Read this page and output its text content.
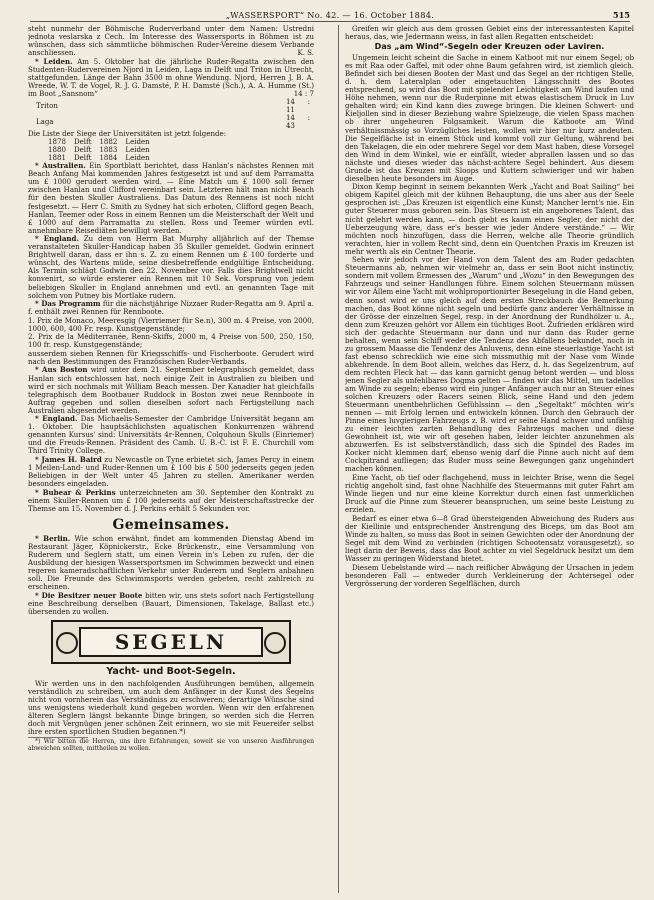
„WASSERSPORT“ No. 42. — 16. October 1884.	515

steht nunmehr der Böhmische Ruderverband unter dem Namen: Ustredni jednota veslarska z Cech. Im Interesse des Wassersports in Böhmen ist zu wünschen, dass sich sämmtliche böhmischen Ruder-Vereine diesem Verbande anschliessen.	K. S.

* Leiden. Am 5. Oktober hat die jährliche Ruder-Regatta zwischen den Studenten-Rudervereinen Njord in Leiden, Laga in Delft und Triton in Utrecht, stattgefunden. Länge der Bahn 3500 m ohne Wendung. Njord, Herren J. B. A. Wreede, W. T. de Vogel, R. J. G. Damsté, P. H. Damsté (Sch.), A. A. Humme (St.) im Boot „Sansnom“	14 : 7

Triton		14 : 11
Laga		14 : 43

Die Liste der Siege der Universitäten ist jetzt folgende:

1878	Delft	1882	Leiden
1880	Delft	1883	Leiden
1881	Delft	1884	Leiden

* Australien. Ein Sportblatt berichtet, dass Hanlan's nächstes Rennen mit Beach Anfang Mai kommenden Jahres festgesetzt ist und auf dem Parramatta um £ 1000 gerudert werden wird. — Eine Match um £ 1000 soll ferner zwischen Hanlan und Clifford vereinbart sein. Letzteren hält man nicht Beach für den besten Skuller Australiens. Das Datum des Rennens ist noch nicht festgesetzt. — Herr C. Smith zu Sydney hat sich erboten, Clifford gegen Beach, Hanlan, Teemer oder Ross in einem Rennen um die Meisterschaft der Welt und £ 1000 auf dem Parramatta zu stellen. Ross und Teemer würden evtl. annehmbare Reisediäten bewilligt werden.

* England. Zu dem von Herrn Bat Murphy alljährlich auf der Themse veranstalteten Skuller-Handicap haben 35 Skuller gemeldet. Godwin erinnert Brightwell daran, dass er ihn s. Z. zu einem Rennen um £ 100 forderte und wünscht, des Wartens müde, seine diesbetreffende endgültige Entscheidung. Als Termin schlägt Godwin den 22. November vor. Falls dies Brightwell nicht konvenirt, so würde ersterer ein Rennen mit 10 Sek. Vorsprung von jedem beliebigen Skuller in England annehmen und evtl. an genannten Tage mit solchem von Putney bis Mortlake rudern.

* Das Programm für die nächstjährige Nizzaer Ruder-Regatta am 9. April a. f. enthält zwei Rennen für Rennboote.

1. Prix de Monaco, Meeresgig (Vierriemer für Se.n), 300 m. 4 Preise, von 2000, 1000, 600, 400 Fr. resp. Kunstgegenstände;

2. Prix de la Méditerranée, Renn-Skiffs, 2000 m, 4 Preise von 500, 250, 150, 100 fr. resp. Kunstgegenstände;

ausserdem sieben Rennen für Kriegsschiffs- und Fischerboote. Gerudert wird nach den Bestimmungen des Französischen Ruder-Verbands.

* Aus Boston wird unter dem 21. September telegraphisch gemeldet, dass Hanlan sich entschlossen hat, noch einige Zeit in Australien zu bleiben und wird er sich nochmals mit William Beach messen. Der Kanadier hat gleichfalls telegraphisch dem Bootbauer Ruddock in Boston zwei neue Rennboote in Auftrag gegeben und sollen dieselben sofort nach Fertigstellung nach Australien abgesendet werden.

* England. Das Michaelis-Semester der Cambridge Universität begann am 1. Oktober. Die hauptsächlichsten aquatischen Konkurrenzen während genannten Kursus' sind: Universitäts 4r-Rennen, Colquhoun Skulls (Einriemer) und die Freuds-Rennen. Präsident des Camb. U. B.-C. ist F. E. Churchill vom Third Trinity College.

* James H. Baird zu Newcastle on Tyne erbietet sich, James Percy in einem 1 Meilen-Land- und Ruder-Rennen um £ 100 bis £ 500 jederseits gegen jeden Beliebigen in der Welt unter 45 Jahren zu stellen. Amerikaner werden besonders eingeladen.

* Bubear & Perkins unterzeichneten am 30. September den Kontrakt zu einem Skuller-Rennen um £ 100 jederseits auf der Meisterschaftsstrecke der Themse am 15. November d. J. Perkins erhält 5 Sekunden vor.

Gemeinsames.

* Berlin. Wie schon erwähnt, findet am kommenden Dienstag Abend im Restaurant Jäger, Köpnickerstr., Ecke Brückenstr., eine Versammlung von Ruderern und Seglern statt, um einen Verein in's Leben zu rufen, der die Ausbildung der hiesigen Wassersportsmen im Schwimmen bezweckt und einen regeren kameradschaftlichen Verkehr unter Ruderern und Seglern anbahnen soll. Die Freunde des Schwimmsports werden gebeten, recht zahlreich zu erscheinen.

* Die Besitzer neuer Boote bitten wir, uns stets sofort nach Fertigstellung eine Beschreibung derselben (Bauart, Dimensionen, Takelage, Ballast etc.) übersenden zu wollen.

SEGELN
Yacht- und Boot-Segeln.

Wir werden uns in den nachfolgenden Ausführungen bemühen, allgemein verständlich zu schreiben, um auch dem Anfänger in der Kunst des Segelns nicht von vornherein das Verständniss zu erschweren; derartige Wünsche sind uns wenigstens wiederholt kund gegeben worden. Wenn wir den erfahrenen älteren Seglern längst bekannte Dinge bringen, so werden sich die Herren doch mit Vergnügen jener schönen Zeit erinnern, wo sie mit Feuereifer selbst ihre ersten sportlichen Studien begannen.*)

*) Wir bitten die Herren, uns ihre Erfahrungen, soweit sie von unseren Ausführungen abweichen sollten, mittheilen zu wollen.

Greifen wir gleich aus dem grossen Gebiet eins der interessantesten Kapitel heraus, das, wie Jedermann weiss, in fast allen Regatten entscheidet:

Das „am Wind“-Segeln oder Kreuzen oder Laviren.

Ungemein leicht scheint die Sache in einem Katboot mit nur einem Segel; ob es mit Raa oder Gaffel, mit oder ohne Baum gefahren wird, ist ziemlich gleich. Befindet sich bei diesen Booten der Mast und das Segel an der richtigen Stelle, d. h. dem Lateralplan oder eingetauchten Längsschnitt des Bootes entsprechend, so wird das Boot mit spielender Leichtigkeit am Wind laufen und Höhe nehmen, wenn nur die Ruderpinne mit etwas elastischem Druck in Luv gehalten wird; ein Kind kann dies zuwege bringen. Die kleinen Schwert- und Kieljollen sind in dieser Beziehung wahre Spielzeuge, die vielen Spass machen ob ihrer ungeheuren Folgsamkeit. Warum die Katboote am Wind verhältnissmässig so Vorzügliches leisten, wollen wir hier nur kurz andeuten. Die Segelfläche ist in einem Stück und kommt voll zur Geltung, während bei den Takelagen, die ein oder mehrere Segel vor dem Mast haben, diese Vorsegel den Wind in dem Winkel, wie er einfällt, wieder abprallen lassen und so das nächste und dieses wieder das nächst-achtere Segel behindert. Aus diesem Grunde ist das Kreuzen mit Sloops und Kuttern schwieriger und wir haben dieselben heute besonders im Auge.

Dixon Kemp beginnt in seinem bekannten Werk „Yacht and Boat Sailing“ bei obigem Kapitel gleich mit der kühnen Behauptung, die uns aber aus der Seele gesprochen ist: „Das Kreuzen ist eigentlich eine Kunst; Mancher lernt's nie. Ein guter Steuerer muss geboren sein. Das Steuern ist ein angeborenes Talent, das nicht gelehrt werden kann, — doch giebt es kaum einen Segler, der nicht der Ueberzeugung wäre, dass er's besser wie jeder Andere verstände.“ — Wir möchten noch hinzufügen, dass die Herren, welche alle Theorie gründlich verachten, hier in vollem Recht sind, denn ein Quentchen Praxis im Kreuzen ist mehr werth als ein Centner Theorie.

Sehen wir jedoch vor der Hand von dem Talent des am Ruder gedachten Steuermanns ab, nehmen wir vielmehr an, dass er sein Boot nicht instinctiv, sondern mit vollem Ermessen des „Warum“ und „Wozu“ in den Bewegungen des Fahrzeugs und seiner Handlungen führe. Einem solchen Steuermann müssen wir vor Allem eine Yacht mit wohlproportionirter Besegelung in die Hand geben, denn sonst wird er uns gleich auf dem ersten Streckbauch die Bemerkung machen, das Boot könne nicht segeln und bedürfe ganz anderer Verhältnisse in der Grösse der einzelnen Segel, resp. in der Anordnung der Rundhölzer u. A., denn zum Kreuzen gehört vor Allem ein tüchtiges Boot. Zufrieden erklären wird sich der gedachte Steuermann nur dann und nur dann das Ruder gerne behalten, wenn sein Schiff weder die Tendenz des Abfallens bekundet, noch in zu grossem Maasse die Tendenz des Anluvens, denn eine steuerlastige Yacht ist fast ebenso schrecklich wie eine sich missmuthig mit der Nase vom Winde abkehrende. In dem Boot allein, welches das Herz, d. h. das Segelzentrum, auf dem rechten Fleck hat — das kann garnicht genug betont werden — und bloss jenen Segler als unfehlbares Dogma gelten — finden wir das Mittel, um tadellos am Winde zu segeln; ebenso wird ein junger Anfänger auch nur an Steuer eines solchen Kreuzers oder Racers seinen Blick, seine Hand und den jedem Steuermann unentbehrlichen Gefühlssinn — den „Segeltakt“ möchten wir's nennen — mit Erfolg lernen und entwickeln können. Durch den Gebrauch der Pinne eines luvgierigen Fahrzeugs z. B. wird er seine Hand schwer und unfähig zu einer leichten zarten Behandlung des Fahrzeugs machen und diese Gewohnheit ist, wie wir oft gesehen haben, leider leichter anzunehmen als abzuwerfen. Es ist selbstverständlich, dass sich die Spindel des Rades im Kocker nicht klemmen darf, ebenso wenig darf die Pinne auch nicht auf dem Cockpitrand aufliegen; das Ruder muss seine Bewegungen ganz ungehindert machen können.

Eine Yacht, ob tief oder flachgehend, muss in leichter Brise, wenn die Segel richtig angeholt sind, fast ohne Nachhilfe des Steuermanns mit guter Fahrt am Winde liegen und nur eine kleine Korrektur durch einen fast unmerklichen Druck auf die Pinne zum Steuerer beanspruchen, um seine beste Leistung zu erzielen.

Bedarf es einer etwa 6—8 Grad übersteigenden Abweichung des Ruders aus der Kiellinie und entsprechender Anstrengung des Biceps, um das Boot am Winde zu halten, so muss das Boot in seinen Gewichten oder der Anordnung der Segel mit dem Wind zu verbinden (richtigen Schootensatz vorausgesetzt), so liegt darin der Beweis, dass das Boot achter zu viel Segeldruck besitzt um dem Wasser zu geringen Widerstand bietet.

Diesem Uebelstande wird — nach reiflicher Abwägung der Ursachen in jedem besonderen Fall — entweder durch Verkleinerung der Achtersegel oder Vergrösserung der vorderen Segelflächen, durch
